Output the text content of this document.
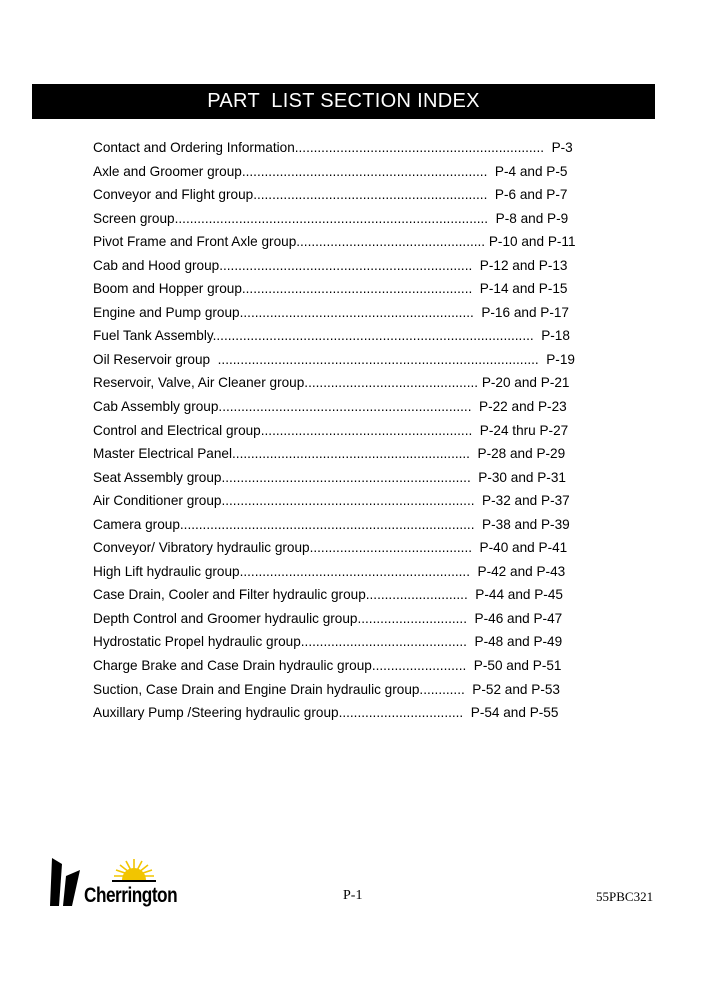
PART  LIST SECTION INDEX
Contact and Ordering Information..................................................................  P-3
Axle and Groomer group.................................................................  P-4 and P-5
Conveyor and Flight group..............................................................  P-6 and P-7
Screen group...................................................................................  P-8 and P-9
Pivot Frame and Front Axle group.................................................. P-10 and P-11
Cab and Hood group...................................................................  P-12 and P-13
Boom and Hopper group.............................................................  P-14 and P-15
Engine and Pump group..............................................................  P-16 and P-17
Fuel Tank Assembly.....................................................................................  P-18
Oil Reservoir group  .....................................................................................  P-19
Reservoir, Valve, Air Cleaner group.............................................. P-20 and P-21
Cab Assembly group...................................................................  P-22 and P-23
Control and Electrical group........................................................  P-24 thru P-27
Master Electrical Panel...............................................................  P-28 and P-29
Seat Assembly group..................................................................  P-30 and P-31
Air Conditioner group...................................................................  P-32 and P-37
Camera group..............................................................................  P-38 and P-39
Conveyor/ Vibratory hydraulic group...........................................  P-40 and P-41
High Lift hydraulic group.............................................................  P-42 and P-43
Case Drain, Cooler and Filter hydraulic group...........................  P-44 and P-45
Depth Control and Groomer hydraulic group.............................  P-46 and P-47
Hydrostatic Propel hydraulic group............................................  P-48 and P-49
Charge Brake and Case Drain hydraulic group.........................  P-50 and P-51
Suction, Case Drain and Engine Drain hydraulic group............  P-52 and P-53
Auxillary Pump /Steering hydraulic group.................................  P-54 and P-55
Cherrington	P-1	55PBC321
